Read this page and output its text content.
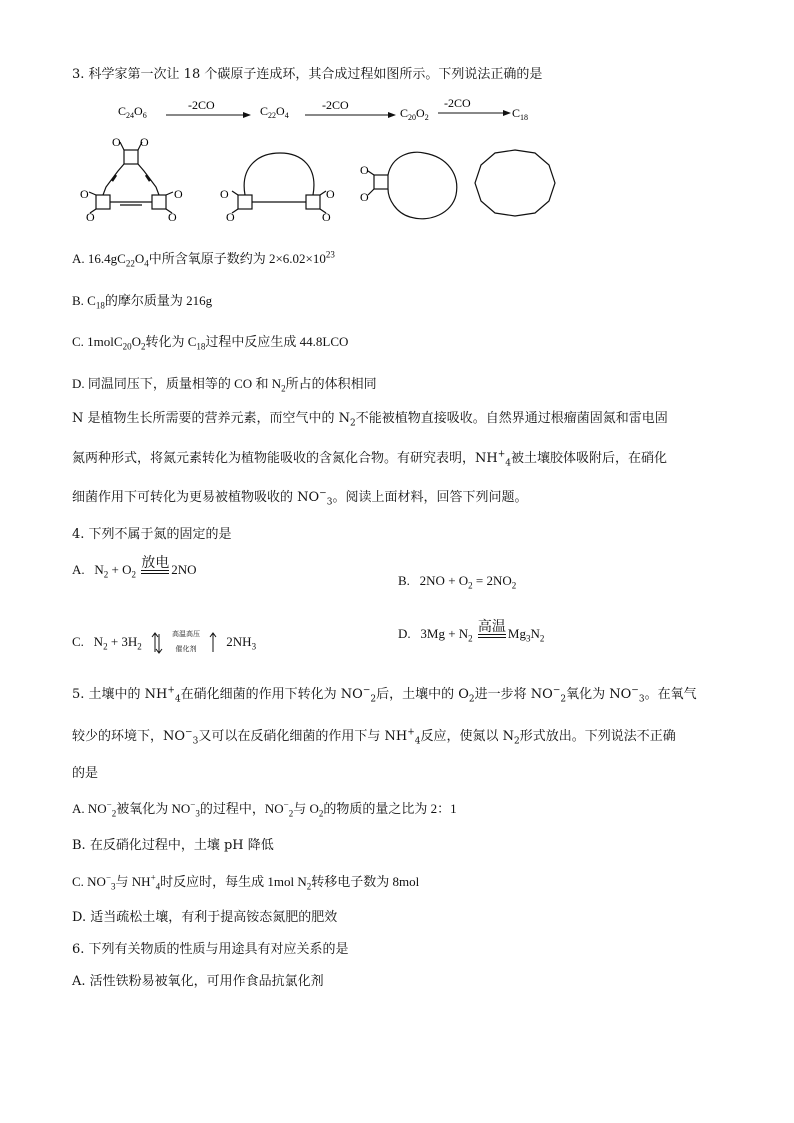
3. 科学家第一次让 18 个碳原子连成环，其合成过程如图所示。下列说法正确的是
$C_{24}O_6$
-2CO	$C_{22}O_4$
-2CO
$C_{20}O_2$
-2CO
$C_{18}$
O O
O
O
O
O
O
O
O
O
O
O
A. $16.4gC_{22}O_4$中所含氧原子数约为 $2\times 6.02\times 10^{23}$
B. $C_{18}$的摩尔质量为 216g
C. $1molC_{20}O_2$转化为 $C_{18}$过程中反应生成 44.8LCO
D. 同温同压下，质量相等的 CO 和 $N_2$所占的体积相同
N 是植物生长所需要的营养元素，而空气中的 $N_2$不能被植物直接吸收。自然界通过根瘤菌固氮和雷电固
氮两种形式，将氮元素转化为植物能吸收的含氮化合物。有研究表明，$NH^+_4$被土壤胶体吸附后，在硝化
细菌作用下可转化为更易被植物吸收的 $NO^-_3$。阅读上面材料，回答下列问题。
4. 下列不属于氮的固定的是
A. $N_2 + O_2$
放电 2NO
B. $2NO + O_2 = 2NO_2$
C. $N_2 + 3H_2$
高温高压
催化剂
$2NH_3$
D. $3Mg + N_2$
高温 $Mg_3N_2$
5. 土壤中的 $NH^+_4$在硝化细菌的作用下转化为 $NO^-_2$后，土壤中的 $O_2$进一步将 $NO^-_2$氧化为 $NO^-_3$。在氧气
较少的环境下，$NO^-_3$又可以在反硝化细菌的作用下与 $NH^+_4$反应，使氮以 $N_2$形式放出。下列说法不正确
的是
A. $NO^-_2$被氧化为 $NO^-_3$的过程中，$NO^-_2$与 $O_2$的物质的量之比为 2：1
B. 在反硝化过程中，土壤 pH 降低
C. $NO^-_3$与 $NH^+_4$时反应时，每生成 1mol $N_2$转移电子数为 8mol
D. 适当疏松土壤，有利于提高铵态氮肥的肥效
6. 下列有关物质的性质与用途具有对应关系的是
A. 活性铁粉易被氧化，可用作食品抗氯化剂
